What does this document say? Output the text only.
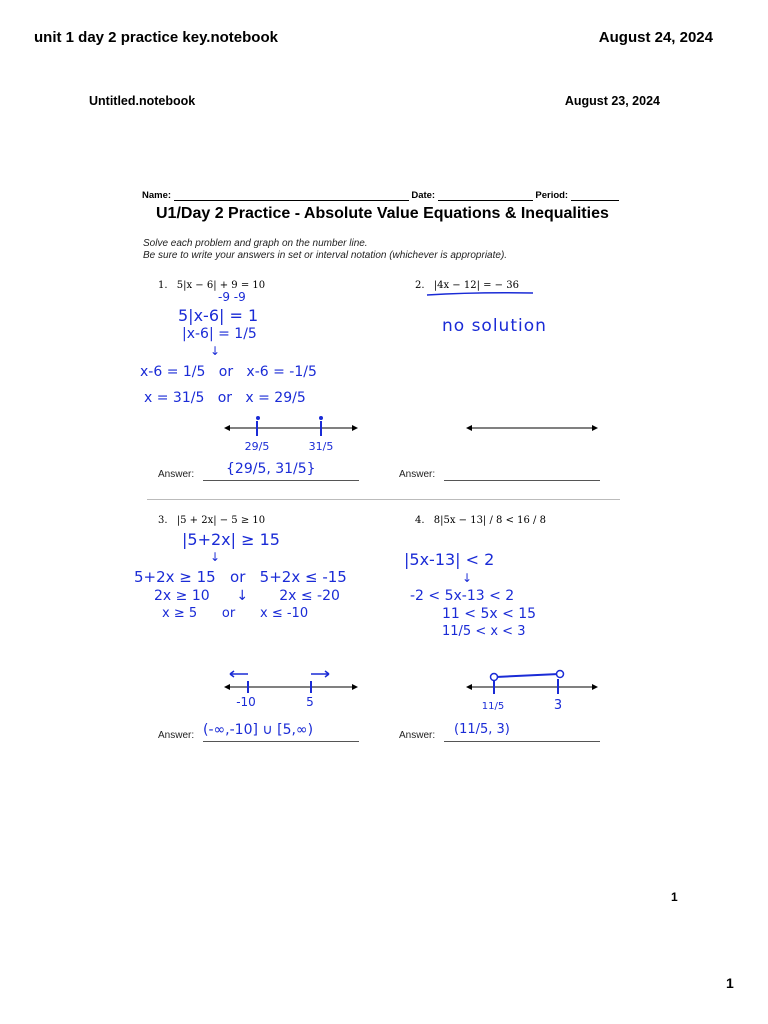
unit 1 day 2 practice key.notebook	August 24, 2024
Untitled.notebook	August 23, 2024
Name:	Date:	Period:
U1/Day 2 Practice - Absolute Value Equations & Inequalities
Solve each problem and graph on the number line.
Be sure to write your answers in set or interval notation (whichever is appropriate).
1. 5|x − 6| + 9 = 10
-9 -9
5|x-6| = 1
|x-6| = 1/5
↓
x-6 = 1/5   or   x-6 = -1/5
x = 31/5   or   x = 29/5
29/5	31/5
Answer: {29/5, 31/5}
2. |4x − 12| = − 36
no solution
Answer:
3. |5 + 2x| − 5 ≥ 10
|5+2x| ≥ 15
↓
5+2x ≥ 15   or   5+2x ≤ -15
2x ≥ 10      ↓       2x ≤ -20
x ≥ 5      or      x ≤ -10
-10	5
Answer: (-∞,-10] ∪ [5,∞)
4. 8|5x − 13| / 8 < 16 / 8
|5x-13| < 2
↓
-2 < 5x-13 < 2
11 < 5x < 15
11/5 < x < 3
11/5	3
Answer: (11/5, 3)
1
1
